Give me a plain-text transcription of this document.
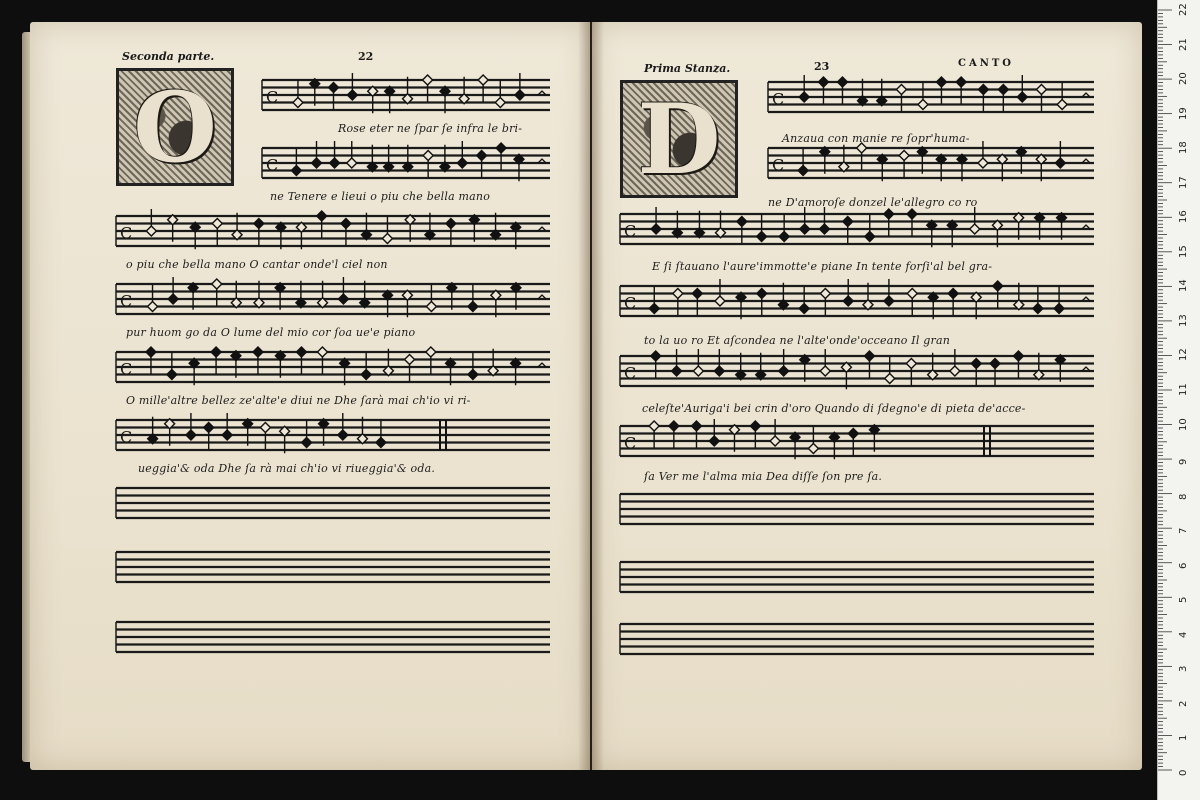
Seconda parte.	22
O	C
C
C
C
C
C
Rose eter ne ſpar ſe infra le bri-
ne Tenere e lieui o piu che bella mano
o piu che bella mano O cantar onde'l ciel non
pur huom go da O lume del mio cor ſoa ue'e piano
O mille'altre bellez ze'alte'e diui ne Dhe ſarà mai ch'io vi ri-
ueggia'& oda Dhe ſa rà mai ch'io vi riueggia'& oda.
Prima Stanza.	23	CANTO
D	C
C
C
C
C
C
Anzaua con manie re ſopr'huma-
ne D'amoroſe donzel le'allegro co ro
E ſi ſtauano l'aure'immotte'e piane In tente forſi'al bel gra-
to la uo ro Et aſcondea ne l'alte'onde'occeano Il gran
celeſte'Auriga'i bei crin d'oro Quando di ſdegno'e di pieta de'acce-
ſa Ver me l'alma mia Dea diſſe ſon pre ſa.
0
1
2
3
4
5
6
7
8
9
10
11
12
13
14
15
16
17
18
19
20
21
22
